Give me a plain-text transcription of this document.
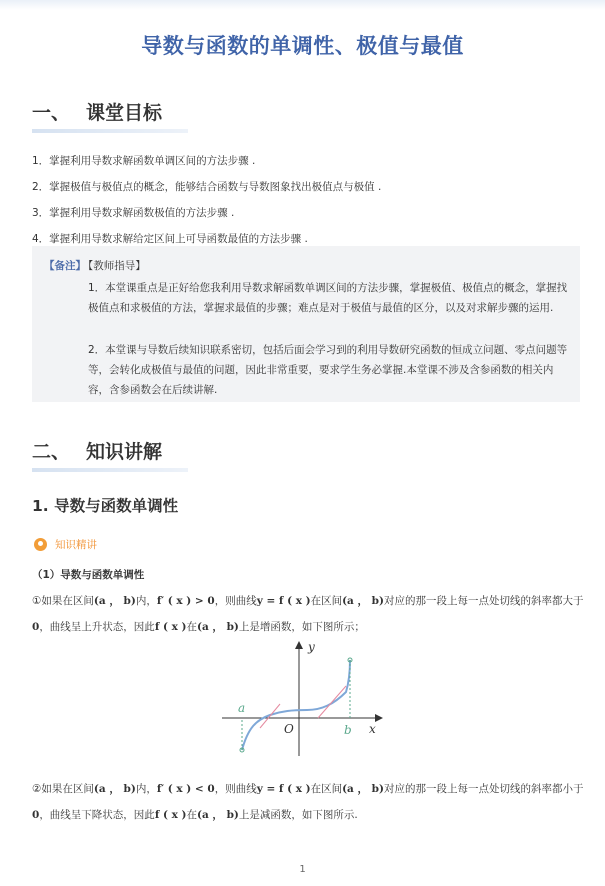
导数与函数的单调性、极值与最值
一、 课堂目标
1．掌握利用导数求解函数单调区间的方法步骤 .
2．掌握极值与极值点的概念，能够结合函数与导数图象找出极值点与极值 .
3．掌握利用导数求解函数极值的方法步骤 .
4．掌握利用导数求解给定区间上可导函数最值的方法步骤 .
【备注】 【教师指导】
1．本堂课重点是正好给您我利用导数求解函数单调区间的方法步骤，掌握极值、极值点的概念，掌握找极值点和求极值的方法，掌握求最值的步骤；难点是对于极值与最值的区分，以及对求解步骤的运用.
2．本堂课与导数后续知识联系密切，包括后面会学习到的利用导数研究函数的恒成立问题、零点问题等等，会转化成极值与最值的问题，因此非常重要，要求学生务必掌握.本堂课不涉及含参函数的相关内容，含参函数会在后续讲解.
二、 知识讲解
1. 导数与函数单调性
知识精讲
（1）导数与函数单调性
①如果在区间(a ， b)内，f′ ( x ) > 0，则曲线y = f ( x )在区间(a ， b)对应的那一段上每一点处切线的斜率都大于0，曲线呈上升状态，因此f ( x )在(a ， b)上是增函数，如下图所示；
y
x
O
a
b
②如果在区间(a ， b)内，f′ ( x ) < 0，则曲线y = f ( x )在区间(a ， b)对应的那一段上每一点处切线的斜率都小于0，曲线呈下降状态，因此f ( x )在(a ， b)上是减函数，如下图所示.
1
